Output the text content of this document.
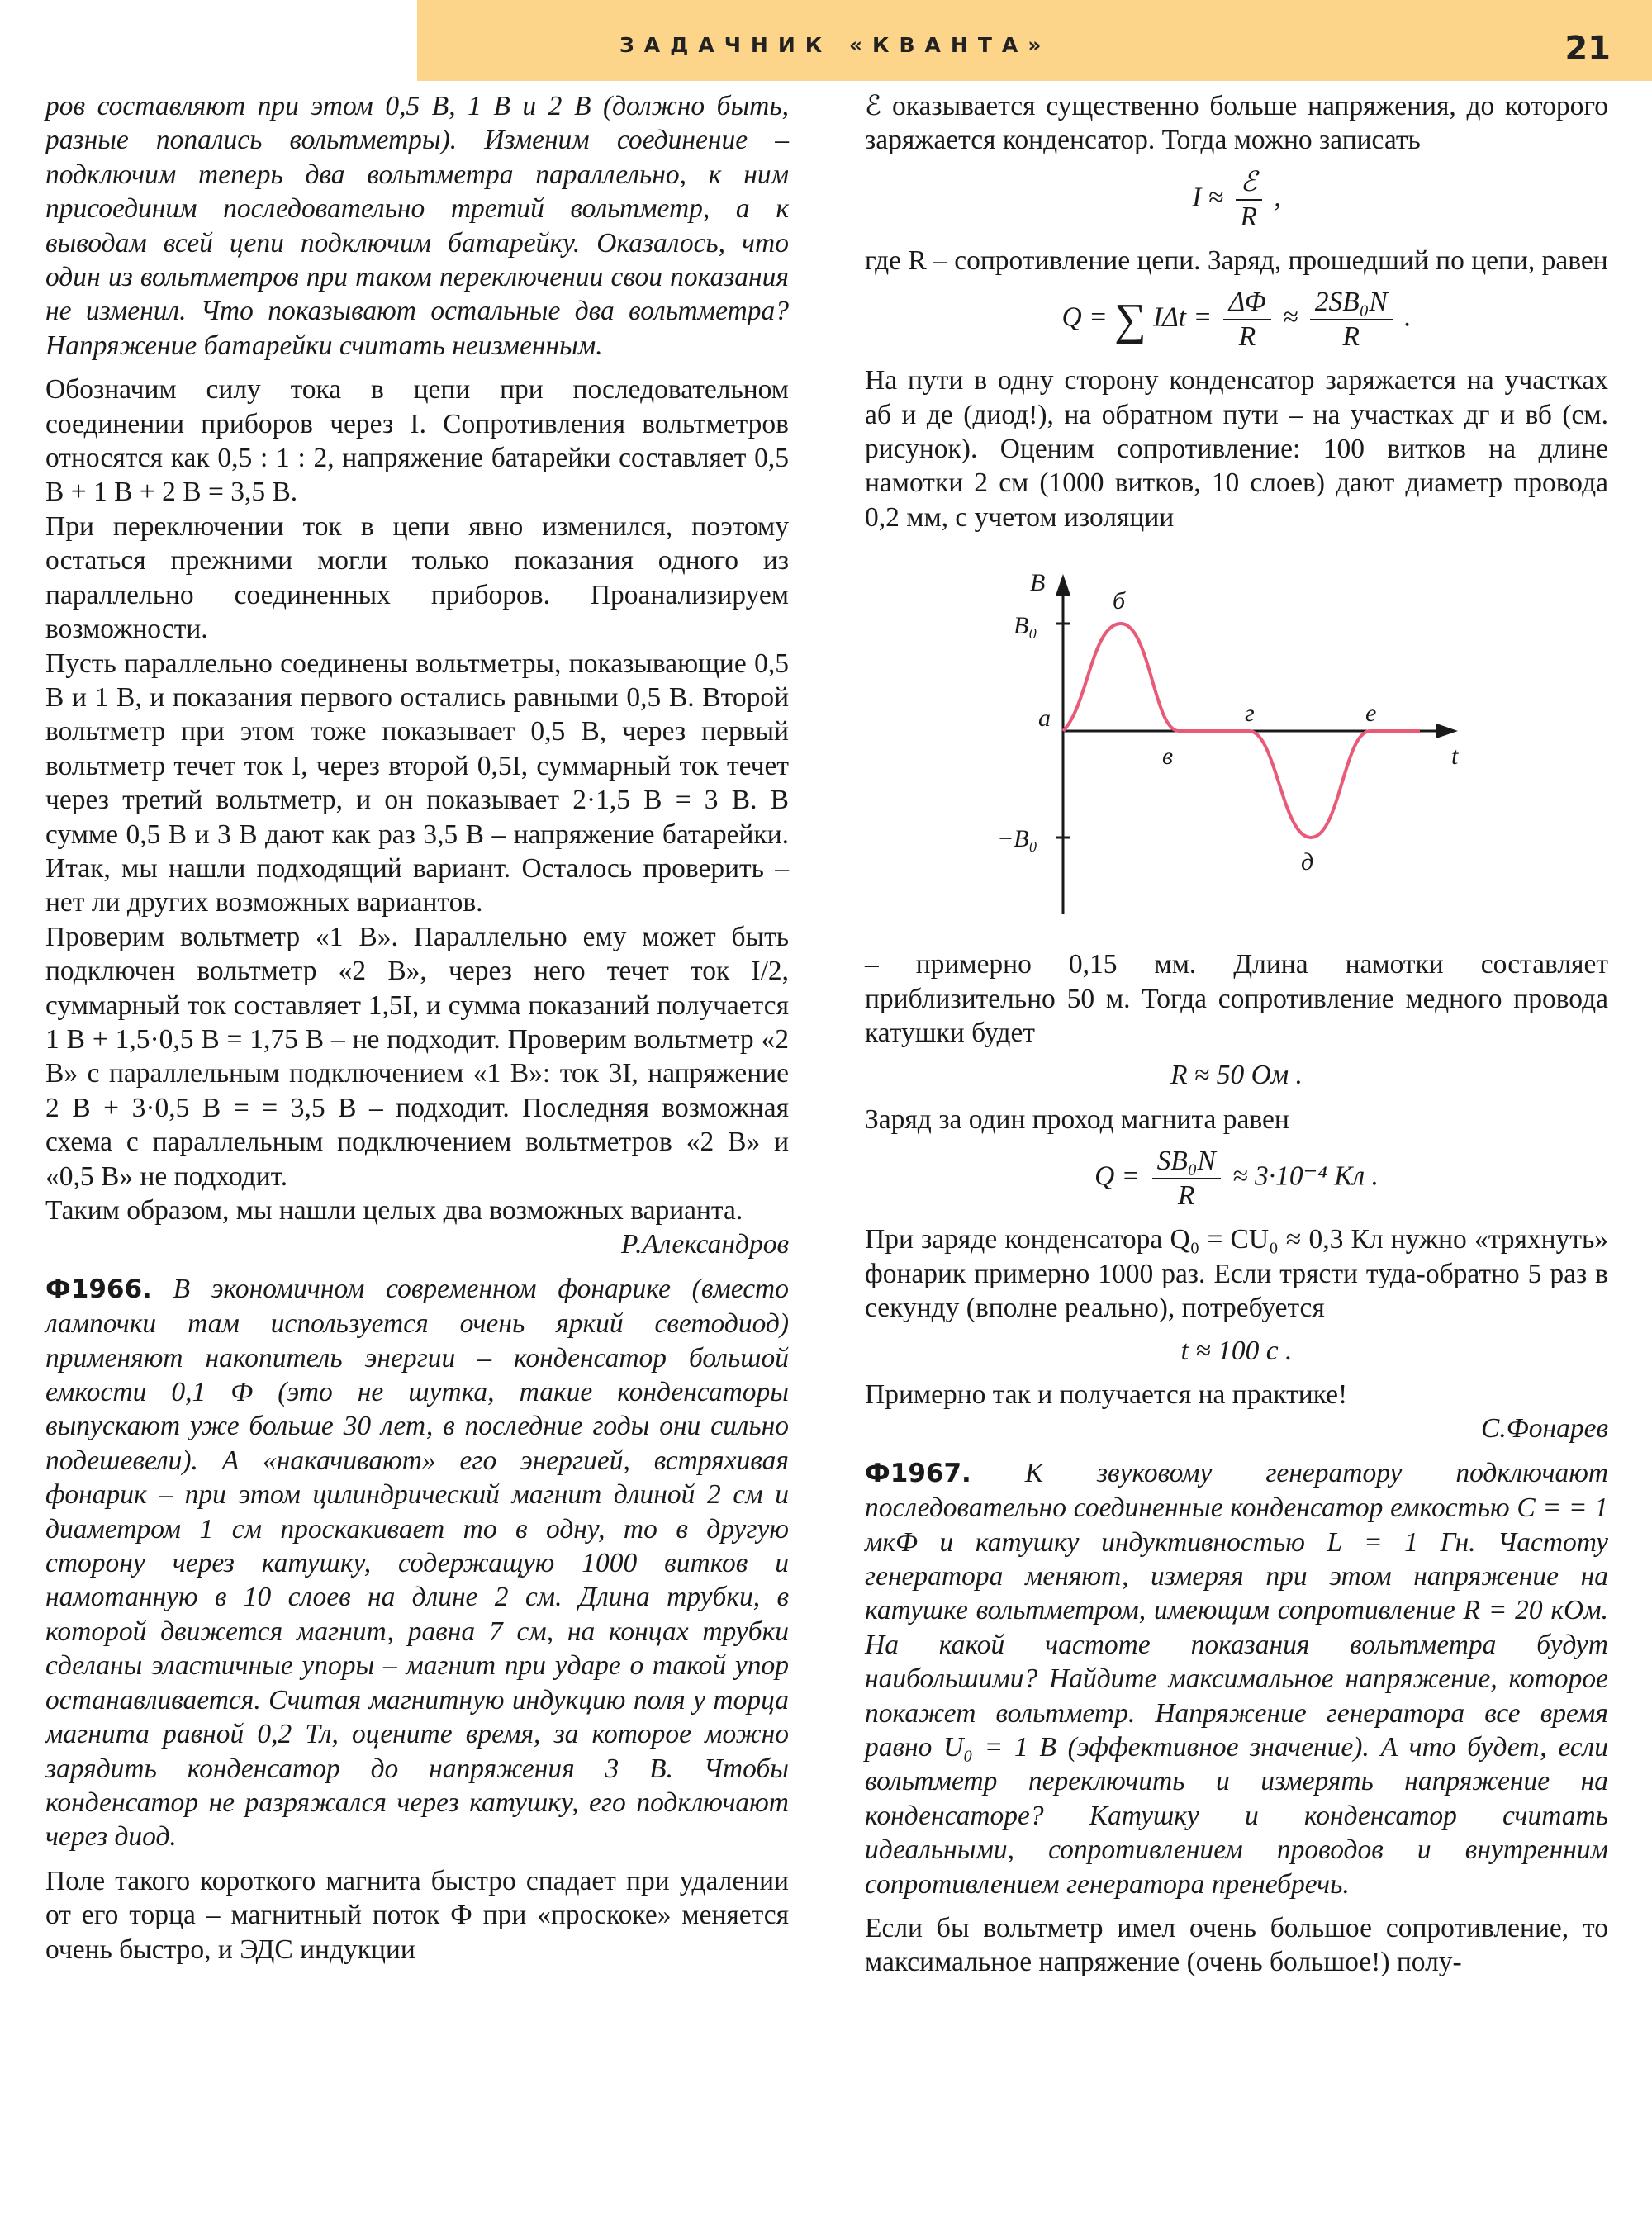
ЗАДАЧНИК «КВАНТА»	21

ров составляют при этом 0,5 В, 1 В и 2 В (должно быть, разные попались вольтметры). Изменим соединение – подключим теперь два вольтметра параллельно, к ним присоединим последовательно третий вольтметр, а к выводам всей цепи подключим батарейку. Оказалось, что один из вольтметров при таком переключении свои показания не изменил. Что показывают остальные два вольтметра? Напряжение батарейки считать неизменным.

Обозначим силу тока в цепи при последовательном соединении приборов через I. Сопротивления вольтметров относятся как 0,5 : 1 : 2, напряжение батарейки составляет 0,5 В + 1 В + 2 В = 3,5 В.

При переключении ток в цепи явно изменился, поэтому остаться прежними могли только показания одного из параллельно соединенных приборов. Проанализируем возможности.

Пусть параллельно соединены вольтметры, показывающие 0,5 В и 1 В, и показания первого остались равными 0,5 В. Второй вольтметр при этом тоже показывает 0,5 В, через первый вольтметр течет ток I, через второй 0,5I, суммарный ток течет через третий вольтметр, и он показывает 2·1,5 В = 3 В. В сумме 0,5 В и 3 В дают как раз 3,5 В – напряжение батарейки. Итак, мы нашли подходящий вариант. Осталось проверить – нет ли других возможных вариантов.

Проверим вольтметр «1 В». Параллельно ему может быть подключен вольтметр «2 В», через него течет ток I/2, суммарный ток составляет 1,5I, и сумма показаний получается 1 В + 1,5·0,5 В = 1,75 В – не подходит. Проверим вольтметр «2 В» с параллельным подключением «1 В»: ток 3I, напряжение 2 В + 3·0,5 В = = 3,5 В – подходит. Последняя возможная схема с параллельным подключением вольтметров «2 В» и «0,5 В» не подходит.

Таким образом, мы нашли целых два возможных варианта.

Р.Александров

Ф1966. В экономичном современном фонарике (вместо лампочки там используется очень яркий светодиод) применяют накопитель энергии – конденсатор большой емкости 0,1 Ф (это не шутка, такие конденсаторы выпускают уже больше 30 лет, в последние годы они сильно подешевели). А «накачивают» его энергией, встряхивая фонарик – при этом цилиндрический магнит длиной 2 см и диаметром 1 см проскакивает то в одну, то в другую сторону через катушку, содержащую 1000 витков и намотанную в 10 слоев на длине 2 см. Длина трубки, в которой движется магнит, равна 7 см, на концах трубки сделаны эластичные упоры – магнит при ударе о такой упор останавливается. Считая магнитную индукцию поля у торца магнита равной 0,2 Тл, оцените время, за которое можно зарядить конденсатор до напряжения 3 В. Чтобы конденсатор не разряжался через катушку, его подключают через диод.

Поле такого короткого магнита быстро спадает при удалении от его торца – магнитный поток Ф при «проскоке» меняется очень быстро, и ЭДС индукции

ℰ оказывается существенно больше напряжения, до которого заряжается конденсатор. Тогда можно записать

$I \approx \frac{\text{ℰ}}{R}$ ,

где R – сопротивление цепи. Заряд, прошедший по цепи, равен

Q = ∑ $I\Delta t = \frac{\Delta\Phi}{R} \approx \frac{\text{2SB₀N}}{R}$ .

На пути в одну сторону конденсатор заряжается на участках аб и де (диод!), на обратном пути – на участках дг и вб (см. рисунок). Оценим сопротивление: 100 витков на длине намотки 2 см (1000 витков, 10 слоев) дают диаметр провода 0,2 мм, с учетом изоляции

B
t
B₀
−B₀
а
б
в
г
д
е

– примерно 0,15 мм. Длина намотки составляет приблизительно 50 м. Тогда сопротивление медного провода катушки будет

R ≈ 50 Ом .

Заряд за один проход магнита равен

$Q = \frac{\text{SB₀N}}{R} \approx 3\cdot 10^{-4}$ Кл .

При заряде конденсатора Q₀ = CU₀ ≈ 0,3 Кл нужно «тряхнуть» фонарик примерно 1000 раз. Если трясти туда-обратно 5 раз в секунду (вполне реально), потребуется

t ≈ 100 с .

Примерно так и получается на практике!

С.Фонарев

Ф1967. К звуковому генератору подключают последовательно соединенные конденсатор емкостью C = = 1 мкФ и катушку индуктивностью L = 1 Гн. Частоту генератора меняют, измеряя при этом напряжение на катушке вольтметром, имеющим сопротивление R = 20 кОм. На какой частоте показания вольтметра будут наибольшими? Найдите максимальное напряжение, которое покажет вольтметр. Напряжение генератора все время равно U₀ = 1 В (эффективное значение). А что будет, если вольтметр переключить и измерять напряжение на конденсаторе? Катушку и конденсатор считать идеальными, сопротивлением проводов и внутренним сопротивлением генератора пренебречь.

Если бы вольтметр имел очень большое сопротивление, то максимальное напряжение (очень большое!) полу-
